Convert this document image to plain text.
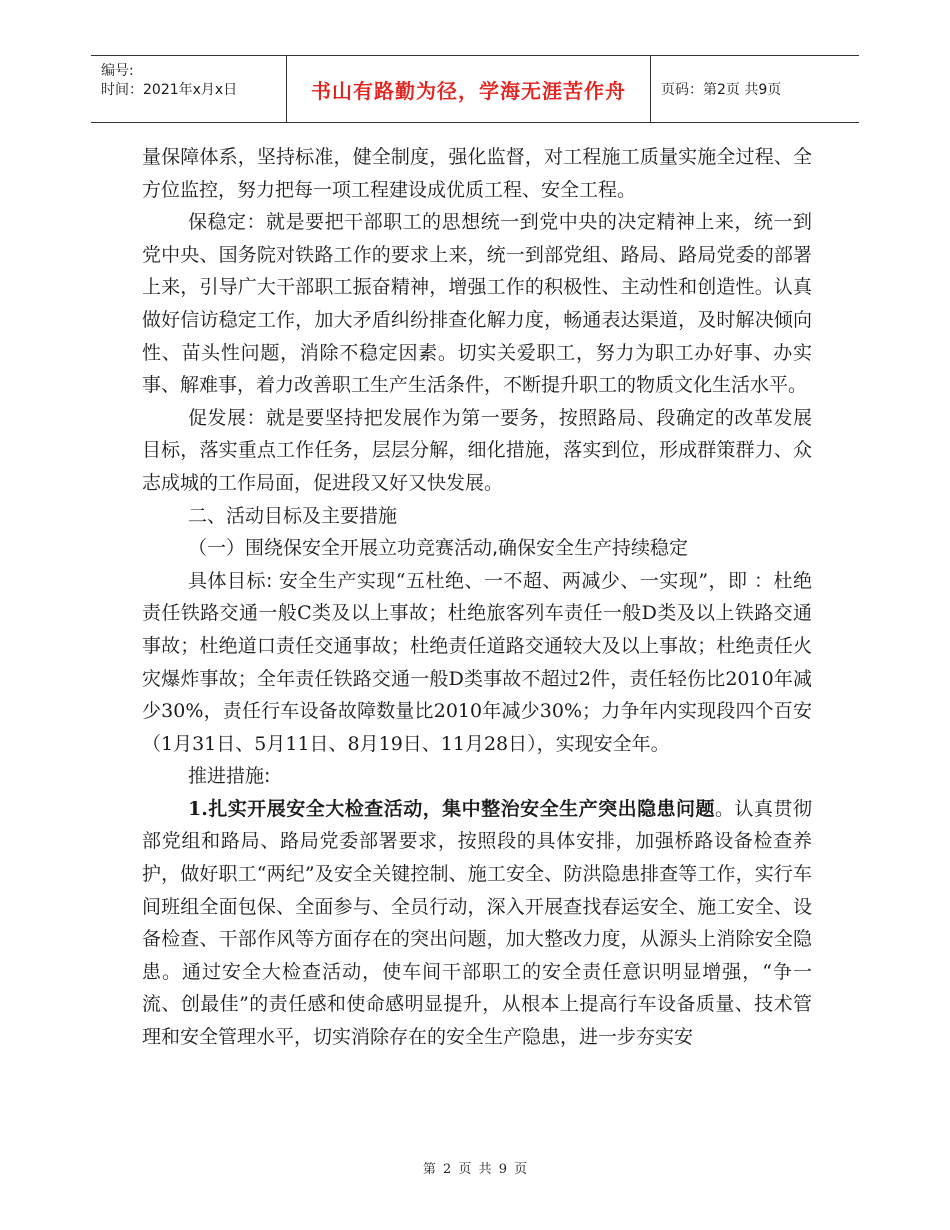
编号:
时间：2021年x月x日	书山有路勤为径，学海无涯苦作舟	页码：第2页 共9页

量保障体系，坚持标准，健全制度，强化监督，对工程施工质量实施全过程、全方位监控，努力把每一项工程建设成优质工程、安全工程。

保稳定：就是要把干部职工的思想统一到党中央的决定精神上来，统一到党中央、国务院对铁路工作的要求上来，统一到部党组、路局、路局党委的部署上来，引导广大干部职工振奋精神，增强工作的积极性、主动性和创造性。认真做好信访稳定工作，加大矛盾纠纷排查化解力度，畅通表达渠道，及时解决倾向性、苗头性问题，消除不稳定因素。切实关爱职工，努力为职工办好事、办实事、解难事，着力改善职工生产生活条件，不断提升职工的物质文化生活水平。

促发展：就是要坚持把发展作为第一要务，按照路局、段确定的改革发展目标，落实重点工作任务，层层分解，细化措施，落实到位，形成群策群力、众志成城的工作局面，促进段又好又快发展。

二、活动目标及主要措施

（一）围绕保安全开展立功竞赛活动,确保安全生产持续稳定

具体目标: 安全生产实现“五杜绝、一不超、两减少、一实现”，即 ：杜绝责任铁路交通一般C类及以上事故；杜绝旅客列车责任一般D类及以上铁路交通事故；杜绝道口责任交通事故；杜绝责任道路交通较大及以上事故；杜绝责任火灾爆炸事故；全年责任铁路交通一般D类事故不超过2件，责任轻伤比2010年减少30%，责任行车设备故障数量比2010年减少30%；力争年内实现段四个百安（1月31日、5月11日、8月19日、11月28日），实现安全年。

推进措施:

1.扎实开展安全大检查活动，集中整治安全生产突出隐患问题。认真贯彻部党组和路局、路局党委部署要求，按照段的具体安排，加强桥路设备检查养护，做好职工“两纪”及安全关键控制、施工安全、防洪隐患排查等工作，实行车间班组全面包保、全面参与、全员行动，深入开展查找春运安全、施工安全、设备检查、干部作风等方面存在的突出问题，加大整改力度，从源头上消除安全隐患。通过安全大检查活动，使车间干部职工的安全责任意识明显增强，“争一流、创最佳”的责任感和使命感明显提升，从根本上提高行车设备质量、技术管理和安全管理水平，切实消除存在的安全生产隐患，进一步夯实安

第 2 页 共 9 页
